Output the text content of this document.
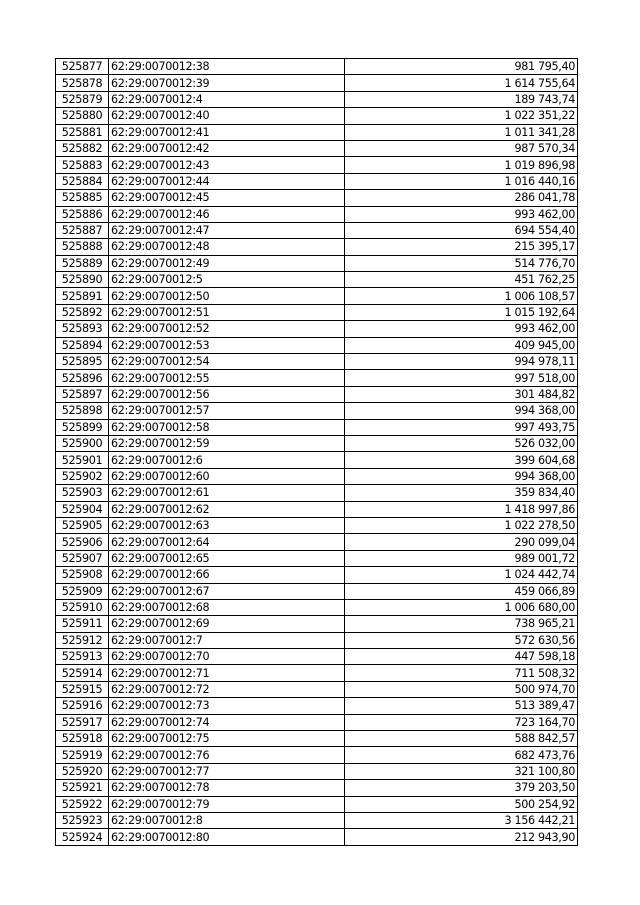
525877	62:29:0070012:38	981 795,40
525878	62:29:0070012:39	1 614 755,64
525879	62:29:0070012:4	189 743,74
525880	62:29:0070012:40	1 022 351,22
525881	62:29:0070012:41	1 011 341,28
525882	62:29:0070012:42	987 570,34
525883	62:29:0070012:43	1 019 896,98
525884	62:29:0070012:44	1 016 440,16
525885	62:29:0070012:45	286 041,78
525886	62:29:0070012:46	993 462,00
525887	62:29:0070012:47	694 554,40
525888	62:29:0070012:48	215 395,17
525889	62:29:0070012:49	514 776,70
525890	62:29:0070012:5	451 762,25
525891	62:29:0070012:50	1 006 108,57
525892	62:29:0070012:51	1 015 192,64
525893	62:29:0070012:52	993 462,00
525894	62:29:0070012:53	409 945,00
525895	62:29:0070012:54	994 978,11
525896	62:29:0070012:55	997 518,00
525897	62:29:0070012:56	301 484,82
525898	62:29:0070012:57	994 368,00
525899	62:29:0070012:58	997 493,75
525900	62:29:0070012:59	526 032,00
525901	62:29:0070012:6	399 604,68
525902	62:29:0070012:60	994 368,00
525903	62:29:0070012:61	359 834,40
525904	62:29:0070012:62	1 418 997,86
525905	62:29:0070012:63	1 022 278,50
525906	62:29:0070012:64	290 099,04
525907	62:29:0070012:65	989 001,72
525908	62:29:0070012:66	1 024 442,74
525909	62:29:0070012:67	459 066,89
525910	62:29:0070012:68	1 006 680,00
525911	62:29:0070012:69	738 965,21
525912	62:29:0070012:7	572 630,56
525913	62:29:0070012:70	447 598,18
525914	62:29:0070012:71	711 508,32
525915	62:29:0070012:72	500 974,70
525916	62:29:0070012:73	513 389,47
525917	62:29:0070012:74	723 164,70
525918	62:29:0070012:75	588 842,57
525919	62:29:0070012:76	682 473,76
525920	62:29:0070012:77	321 100,80
525921	62:29:0070012:78	379 203,50
525922	62:29:0070012:79	500 254,92
525923	62:29:0070012:8	3 156 442,21
525924	62:29:0070012:80	212 943,90
